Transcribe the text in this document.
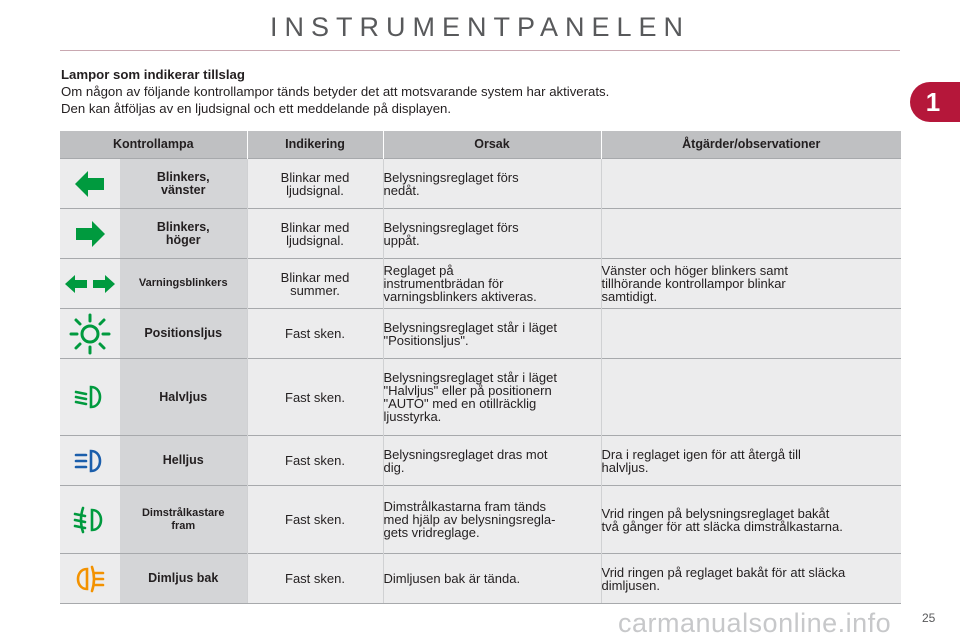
INSTRUMENTPANELEN
1
Lampor som indikerar tillslag
Om någon av följande kontrollampor tänds betyder det att motsvarande system har aktiverats.
Den kan åtföljas av en ljudsignal och ett meddelande på displayen.
Kontrollampa		Indikering	Orsak	Åtgärder/observationer

	Blinkers,
vänster	Blinkar med
ljudsignal.	Belysningsreglaget förs
nedåt.	

	Blinkers,
höger	Blinkar med
ljudsignal.	Belysningsreglaget förs
uppåt.	

	Varningsblinkers	Blinkar med
summer.	Reglaget på
instrumentbrädan för
varningsblinkers aktiveras.	Vänster och höger blinkers samt
tillhörande kontrollampor blinkar
samtidigt.

	Positionsljus	Fast sken.	Belysningsreglaget står i läget
"Positionsljus".	

	Halvljus	Fast sken.	Belysningsreglaget står i läget
"Halvljus" eller på positionern
"AUTO" med en otillräcklig
ljusstyrka.	

	Helljus	Fast sken.	Belysningsreglaget dras mot
dig.	Dra i reglaget igen för att återgå till
halvljus.

	Dimstrålkastare
fram	Fast sken.	Dimstrålkastarna fram tänds
med hjälp av belysningsregla-
gets vridreglage.	Vrid ringen på belysningsreglaget bakåt
två gånger för att släcka dimstrålkastarna.

	Dimljus bak	Fast sken.	Dimljusen bak är tända.	Vrid ringen på reglaget bakåt för att släcka
dimljusen.
carmanualsonline.info	25
